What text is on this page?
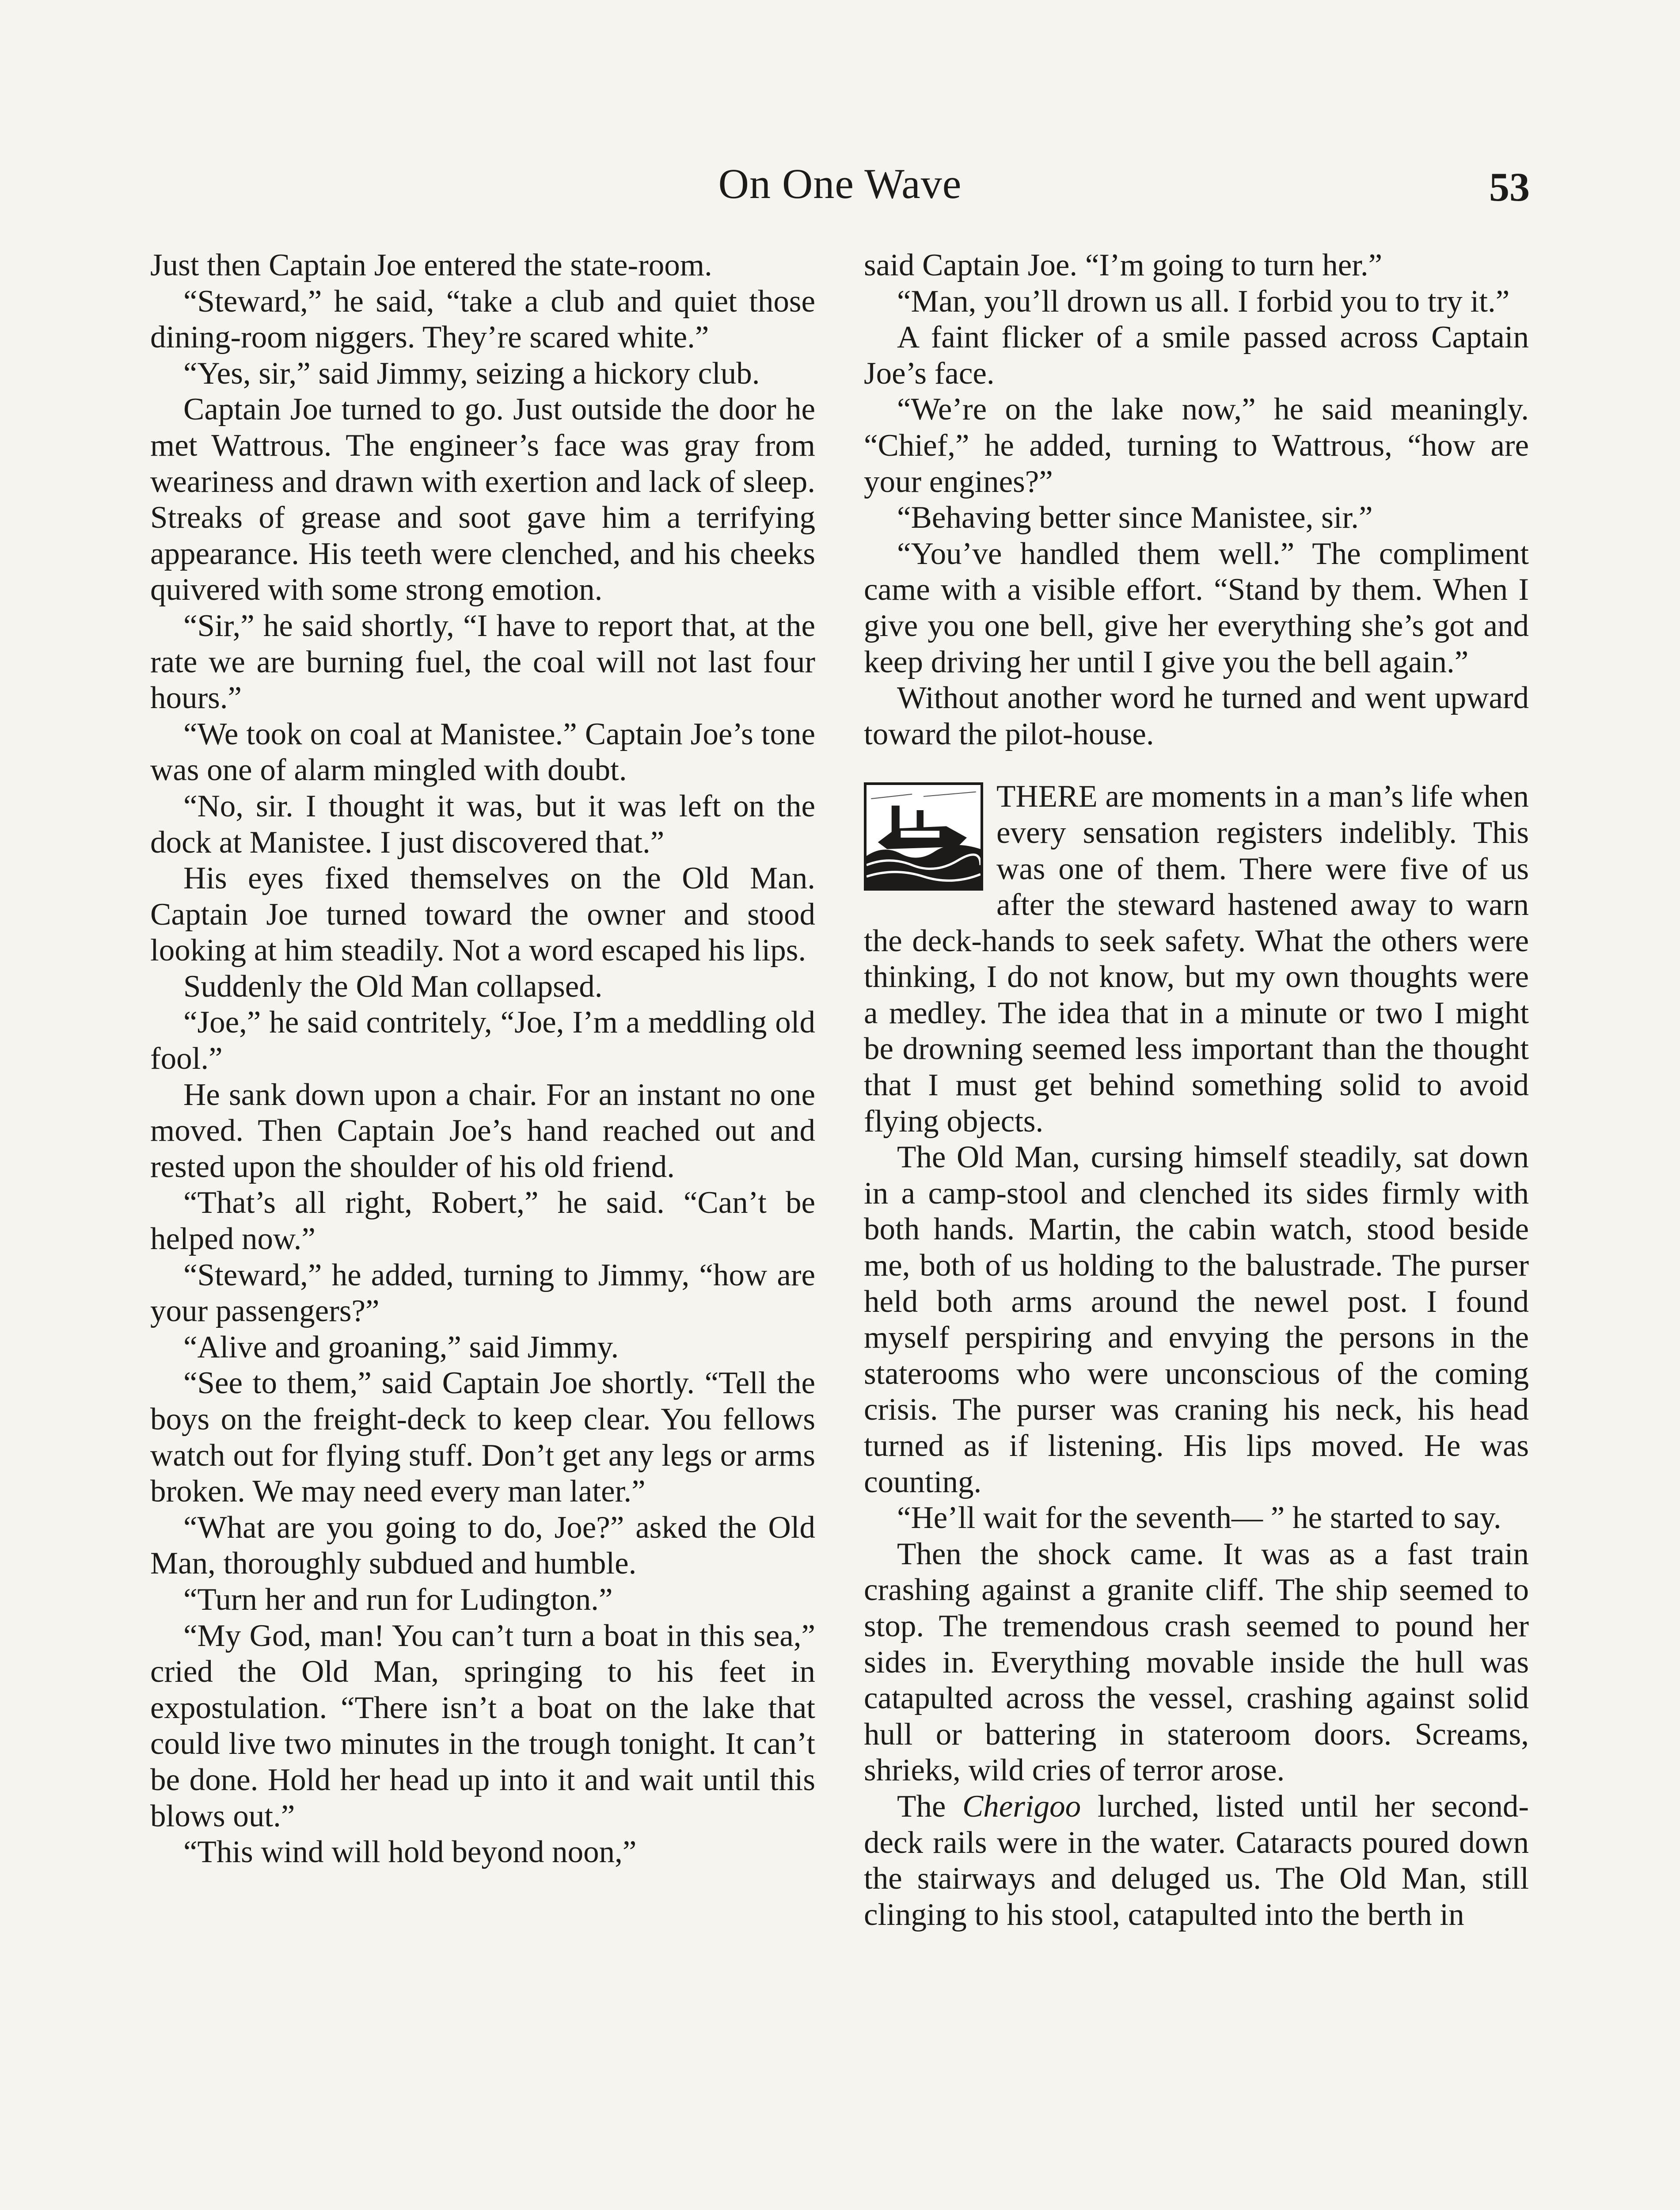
On One Wave	53

Just then Captain Joe entered the state-room.

“Steward,” he said, “take a club and quiet those dining-room niggers. They’re scared white.”

“Yes, sir,” said Jimmy, seizing a hickory club.

Captain Joe turned to go. Just outside the door he met Wattrous. The engineer’s face was gray from weariness and drawn with exertion and lack of sleep. Streaks of grease and soot gave him a terrifying appearance. His teeth were clenched, and his cheeks quivered with some strong emotion.

“Sir,” he said shortly, “I have to report that, at the rate we are burning fuel, the coal will not last four hours.”

“We took on coal at Manistee.” Captain Joe’s tone was one of alarm mingled with doubt.

“No, sir. I thought it was, but it was left on the dock at Manistee. I just discovered that.”

His eyes fixed themselves on the Old Man. Captain Joe turned toward the owner and stood looking at him steadily. Not a word escaped his lips.

Suddenly the Old Man collapsed.

“Joe,” he said contritely, “Joe, I’m a meddling old fool.”

He sank down upon a chair. For an instant no one moved. Then Captain Joe’s hand reached out and rested upon the shoulder of his old friend.

“That’s all right, Robert,” he said. “Can’t be helped now.”

“Steward,” he added, turning to Jimmy, “how are your passengers?”

“Alive and groaning,” said Jimmy.

“See to them,” said Captain Joe shortly. “Tell the boys on the freight-deck to keep clear. You fellows watch out for flying stuff. Don’t get any legs or arms broken. We may need every man later.”

“What are you going to do, Joe?” asked the Old Man, thoroughly subdued and humble.

“Turn her and run for Ludington.”

“My God, man! You can’t turn a boat in this sea,” cried the Old Man, springing to his feet in expostulation. “There isn’t a boat on the lake that could live two minutes in the trough tonight. It can’t be done. Hold her head up into it and wait until this blows out.”

“This wind will hold beyond noon,”

said Captain Joe. “I’m going to turn her.”

“Man, you’ll drown us all. I forbid you to try it.”

A faint flicker of a smile passed across Captain Joe’s face.

“We’re on the lake now,” he said meaningly. “Chief,” he added, turning to Wattrous, “how are your engines?”

“Behaving better since Manistee, sir.”

“You’ve handled them well.” The compliment came with a visible effort. “Stand by them. When I give you one bell, give her everything she’s got and keep driving her until I give you the bell again.”

Without another word he turned and went upward toward the pilot-house.

THERE are moments in a man’s life when every sensation registers indelibly. This was one of them. There were five of us after the steward hastened away to warn the deck-hands to seek safety. What the others were thinking, I do not know, but my own thoughts were a medley. The idea that in a minute or two I might be drowning seemed less important than the thought that I must get behind something solid to avoid flying objects.

The Old Man, cursing himself steadily, sat down in a camp-stool and clenched its sides firmly with both hands. Martin, the cabin watch, stood beside me, both of us holding to the balustrade. The purser held both arms around the newel post. I found myself perspiring and envying the persons in the staterooms who were unconscious of the coming crisis. The purser was craning his neck, his head turned as if listening. His lips moved. He was counting.

“He’ll wait for the seventh— ” he started to say.

Then the shock came. It was as a fast train crashing against a granite cliff. The ship seemed to stop. The tremendous crash seemed to pound her sides in. Everything movable inside the hull was catapulted across the vessel, crashing against solid hull or battering in stateroom doors. Screams, shrieks, wild cries of terror arose.

The Cherigoo lurched, listed until her second-deck rails were in the water. Cataracts poured down the stairways and deluged us. The Old Man, still clinging to his stool, catapulted into the berth in
